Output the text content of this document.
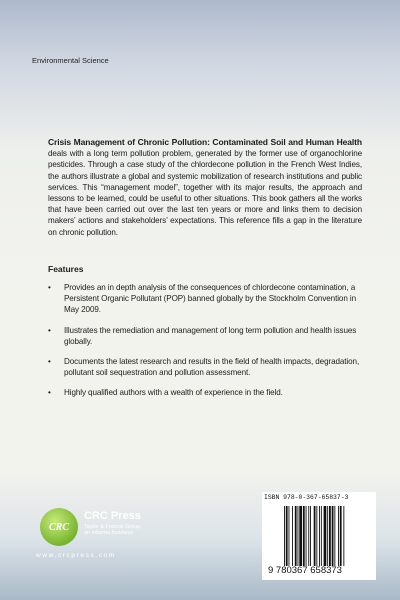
Environmental Science
Crisis Management of Chronic Pollution: Contaminated Soil and Human Health deals with a long term pollution problem, generated by the former use of organochlorine pesticides. Through a case study of the chlordecone pollution in the French West Indies, the authors illustrate a global and systemic mobilization of research institutions and public services. This “management model”, together with its major results, the approach and lessons to be learned, could be useful to other situations. This book gathers all the works that have been carried out over the last ten years or more and links them to decision makers’ actions and stakeholders’ expectations. This reference fills a gap in the literature on chronic pollution.
Features
• Provides an in depth analysis of the consequences of chlordecone contamination, a Persistent Organic Pollutant (POP) banned globally by the Stockholm Convention in May 2009.
• Illustrates the remediation and management of long term pollution and health issues globally.
• Documents the latest research and results in the field of health impacts, degradation, pollutant soil sequestration and pollution assessment.
• Highly qualified authors with a wealth of experience in the field.
CRC
CRC Press
Taylor & Francis Group
an informa business
www.crcpress.com
ISBN 978-0-367-65837-3
9 780367 658373
